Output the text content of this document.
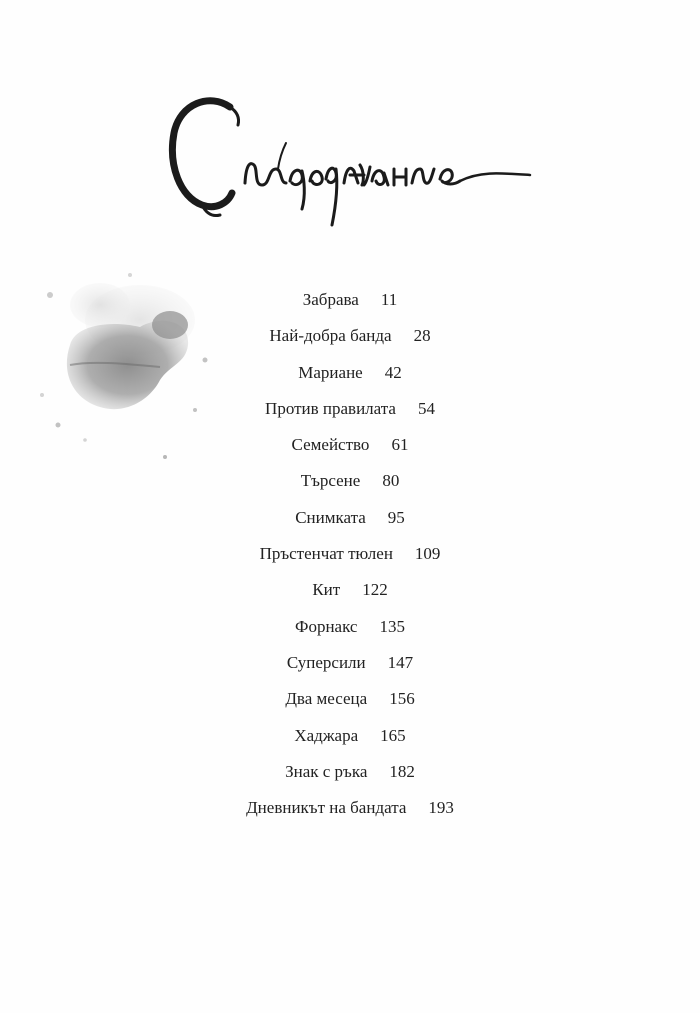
Забрава 11
Най-добра банда 28
Мариане 42
Против правилата 54
Семейство 61
Търсене 80
Снимката 95
Пръстенчат тюлен 109
Кит 122
Форнакс 135
Суперсили 147
Два месеца 156
Хаджара 165
Знак с ръка 182
Дневникът на бандата 193
